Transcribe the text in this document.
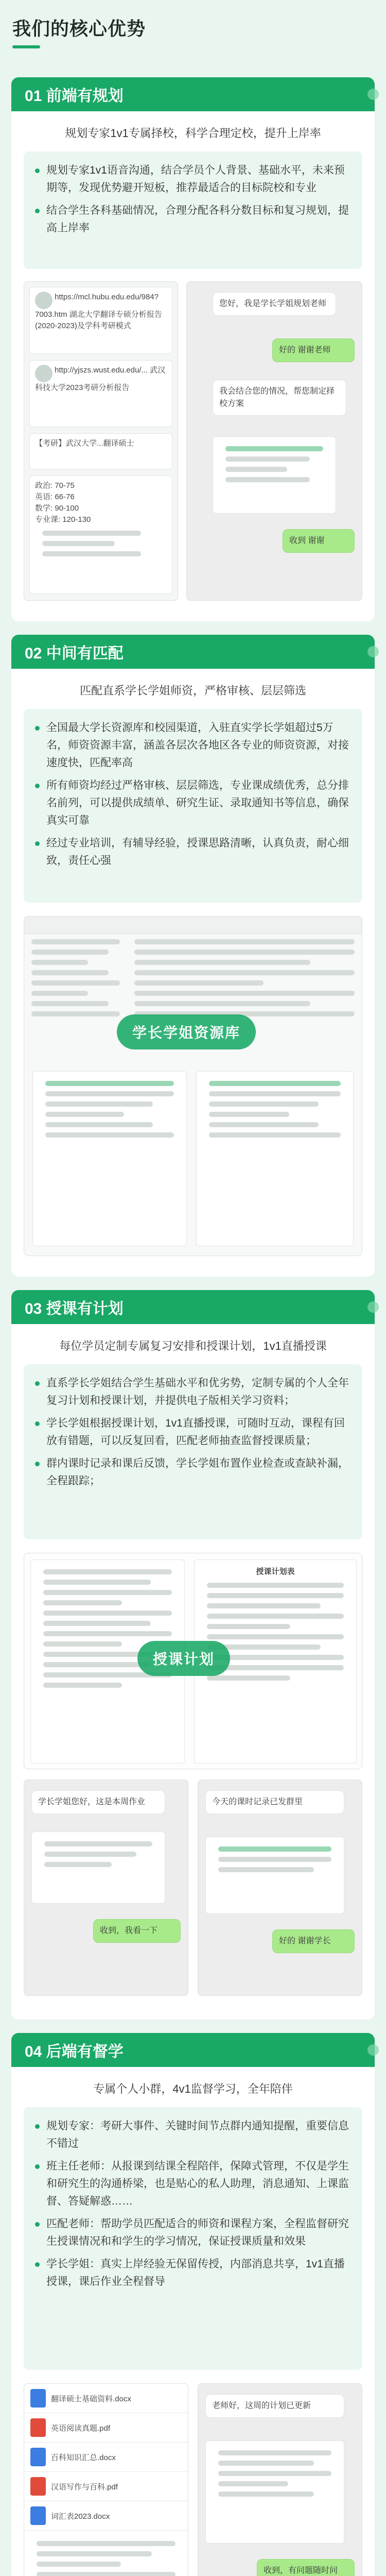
我们的核心优势
01 前端有规划
规划专家1v1专属择校，科学合理定校，提升上岸率
规划专家1v1语音沟通，结合学员个人背景、基础水平，未来预期等，发现优势避开短板，推荐最适合的目标院校和专业
结合学生各科基础情况，合理分配各科分数目标和复习规划，提高上岸率
https://mcl.hubu.edu.edu/984?7003.htm 湖北大学翻译专硕分析报告 (2020-2023)及学科考研模式
http://yjszs.wust.edu.edu/... 武汉科技大学2023考研分析报告
【考研】武汉大学...翻译硕士
政治: 70-75
英语: 66-76
数学: 90-100
专业课: 120-130
您好，我是学长学姐规划老师
好的 谢谢老师
我会结合您的情况，帮您制定择校方案
收到 谢谢
02 中间有匹配
匹配直系学长学姐师资，严格审核、层层筛选
全国最大学长资源库和校园渠道，入驻直实学长学姐超过5万名，师资资源丰富，涵盖各层次各地区各专业的师资资源，对接速度快，匹配率高
所有师资均经过严格审核、层层筛选，专业课成绩优秀，总分排名前列，可以提供成绩单、研究生证、录取通知书等信息，确保真实可靠
经过专业培训，有辅导经验，授课思路清晰，认真负责，耐心细致，责任心强
学长学姐资源库
03 授课有计划
每位学员定制专属复习安排和授课计划，1v1直播授课
直系学长学姐结合学生基础水平和优劣势，定制专属的个人全年复习计划和授课计划，并提供电子版相关学习资料；
学长学姐根据授课计划，1v1直播授课，可随时互动，课程有回放有错题，可以反复回看，匹配老师抽查监督授课质量；
群内课时记录和课后反馈，学长学姐布置作业检查或查缺补漏，全程跟踪；
授课计划表
授课计划
学长学姐您好，这是本周作业
收到，我看一下
今天的课时记录已发群里
好的 谢谢学长
04 后端有督学
专属个人小群，4v1监督学习，全年陪伴
规划专家：考研大事件、关键时间节点群内通知提醒，重要信息不错过
班主任老师：从报课到结课全程陪伴，保障式管理，不仅是学生和研究生的沟通桥梁，也是贴心的私人助理，消息通知、上课监督、答疑解惑……
匹配老师：帮助学员匹配适合的师资和课程方案，全程监督研究生授课情况和和学生的学习情况，保证授课质量和效果
学长学姐：真实上岸经验无保留传授，内部消息共享，1v1直播授课，课后作业全程督导
翻译硕士基础资料.docx
英语阅读真题.pdf
百科知识汇总.docx
汉语写作与百科.pdf
词汇表2023.docx
老师好，这周的计划已更新
收到，有问题随时问
